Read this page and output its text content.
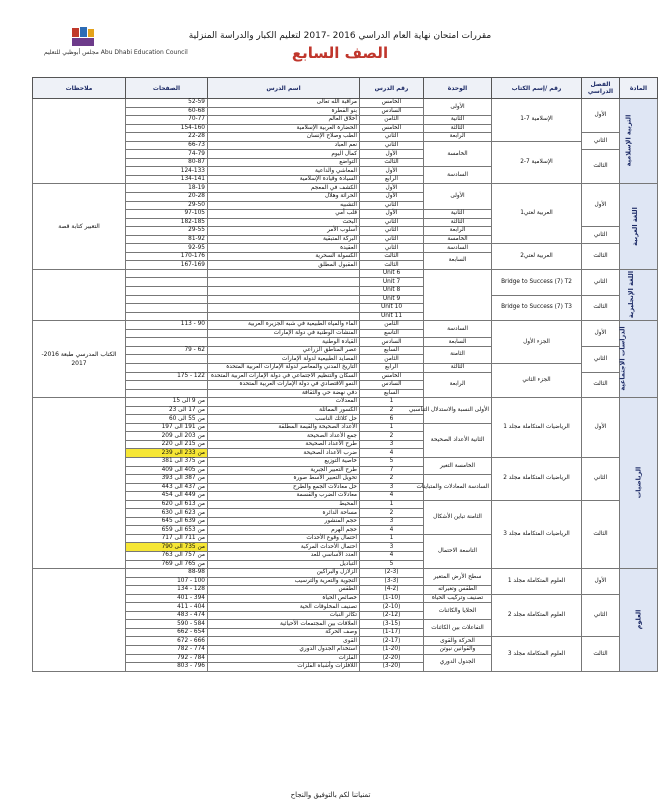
مجلس أبوظبي للتعليم Abu Dhabi Education Council
مقررات امتحان نهاية العام الدراسي 2016 -2017 لتعليم الكبار والدراسة المنزلية
الصف السابع
المادة	الفصل الدراسي	رقم /إسم الكتاب	الوحدة	رقم الدرس	اسم الدرس	الصفحات	ملاحظات
التربية الإسلامية	الأول	الإسلامية 7-1	الأولى	الخامس	مراقبة الله تعالى	52-59	
				السادس	بنو الفطرة	60-68	
			الثانية	الثامن	أخلاق العالم	70-77	
			الثالثة	الخامس	الحضارة العربية الإسلامية	154-160	
	الثاني		الرابعة	الثاني	الطب وصلاح الإنسان	22-28	
		الإسلامية 7-2	الخامسة	الثاني	نعم العباد	66-73	
	الثالث			الأول	كمال اليوم	74-79	
				الثالث	التواضع	80-87	
			السادسة	الأول	المعاشي والداعية	124-133	
				الرابع	السيادة وقيادة الإسلامية	134-141	
اللغة العربية	الأول	العربية لغتي1	الأولى	الأول	الكشف في المعجم	18-19	التعبير كتابة قصة
				الأول	الحراثة وهلال	20-28	
				الثاني	التشبيه	29-50	
			الثانية	الأول	قلب أمي	97-105	
			الثالثة	الثاني	البحث	182-185	
	الثاني		الرابعة	الثاني	أسلوب الأمر	29-55	
			الخامسة	الثاني	البركة المتبقية	81-92	
	الثالث	العربية لغتي2	السادسة	الثاني	العقيدة	92-95	
			السابعة	الثالث	الكسولة السحرية	170-176	
				الثالث	المقبول المطلق	167-169	
اللغة الإنجليزية	الثاني	Bridge to Success (7) T2		Unit 6			
				Unit 7			
				Unit 8			
	الثالث	Bridge to Success (7) T3		Unit 9			
				Unit 10			
				Unit 11			
الدراسات الاجتماعية	الأول	الجزء الأول	السادسة	الثامن	الماء والمياه الطبيعية في شبه الجزيرة العربية	90 - 113	الكتاب المدرسي طبعة 2016-2017
				التاسع	المنشآت الوطنية في دولة الإمارات		
			السابعة	السادس	القيادة الوطنية		
	الثاني		الثامنة	السابع	عصر المناطق الزراعي	62 - 79	
				الثامن	المصايد الطبيعية لدولة الإمارات		
		الجزء الثاني	الثالثة	الرابع	التاريخ المدني والمعاصر لدولة الإمارات العربية المتحدة		
	الثالث		الرابعة	الخامس	السكان والتنظيم الاجتماعي في دولة الإمارات العربية المتحدة	122 - 175	
				السادس	النمو الاقتصادي في دولة الإمارات العربية المتحدة		
				السابع	دفي نهضة حي والثقافة		
الرياضيات	الأول	الرياضيات المتكاملة مجلد 1	الأولى النسبة والاستدلال التناسبي	1	المعدلات	من 9 الى 15	
				2	الكسور المماثلة	من 17 الى 23	
				6	حل كلائك الناسب	من 55 الى 60	
			الثانية الأعداد الصحيحة	1	الأعداد الصحيحة والقيمة المطلقة	من 191 الى 197	
				2	جمع الأعداد الصحيحة	من 203 الى 209	
				3	طرح الأعداد الصحيحة	من 215 الى 220	
				4	ضرب الأعداد الصحيحة	من 233 الى 239	
	الثاني	الرياضيات المتكاملة مجلد 2	الخامسة التغير	5	خاصية التوزيع	من 375 الى 381	
				7	طرح التعبير الجبرية	من 405 الى 409	
			السادسة المعادلات والمتباينات	2	تحويل التعبير الأسط صورة	من 387 الى 393	
				3	حل معادلات الجمع والطرح	من 437 الى 443	
				4	معادلات الضرب والقسمة	من 449 الى 454	
	الثالث	الرياضيات المتكاملة مجلد 3	الثامنة تباين الأشكال	1	المحيط	من 613 الى 620	
				2	مساحة الدائرة	من 623 الى 630	
				3	حجم المنشور	من 639 الى 645	
				4	حجم الهرم	من 653 الى 659	
			التاسعة الاحتمال	1	احتمال وقوع الأحداث	من 711 الى 717	
				3	احتمال الأحداث المركبة	من 735 الى 790	
				4	العدد الأساسي للعد	من 757 الى 763	
				5	التباديل	من 765 الى 769	
العلوم	الأول	العلوم المتكاملة مجلد 1	سطح الأرض المتغير	(2-3)	الزلازل والبراكين	88-98	
				(3-3)	التجوية والتعرية والترسيب	100 - 107	
			الطقس وتغيراته	(4-2)	الطقس	128 - 134	
	الثاني	العلوم المتكاملة مجلد 2	تصنيف وتركيب الحياة	(1-10)	خصائص الحياة	394 - 401	
			الخلايا والكائنات	(2-10)	تصنيف المخلوقات الحية	404 - 411	
				(2-12)	تكاثر النبات	474 - 483	
			التفاعلات بين الكائنات	(3-15)	العلاقات بين المجتمعات الأحيائية	584 - 590	
				(1-17)	وصف الحركة	654 - 662	
	الثالث	العلوم المتكاملة مجلد 3	الحركة والقوى	(2-17)	القوى	666 - 672	
			والقوانين نيوتن	(1-20)	استخدام الجدول الدوري	774 - 782	
			الجدول الدوري	(2-20)	الفلزات	784 - 792	
				(3-20)	اللافلزات وأشباه الفلزات	796 - 803	
تمنياتنا لكم بالتوفيق والنجاح
